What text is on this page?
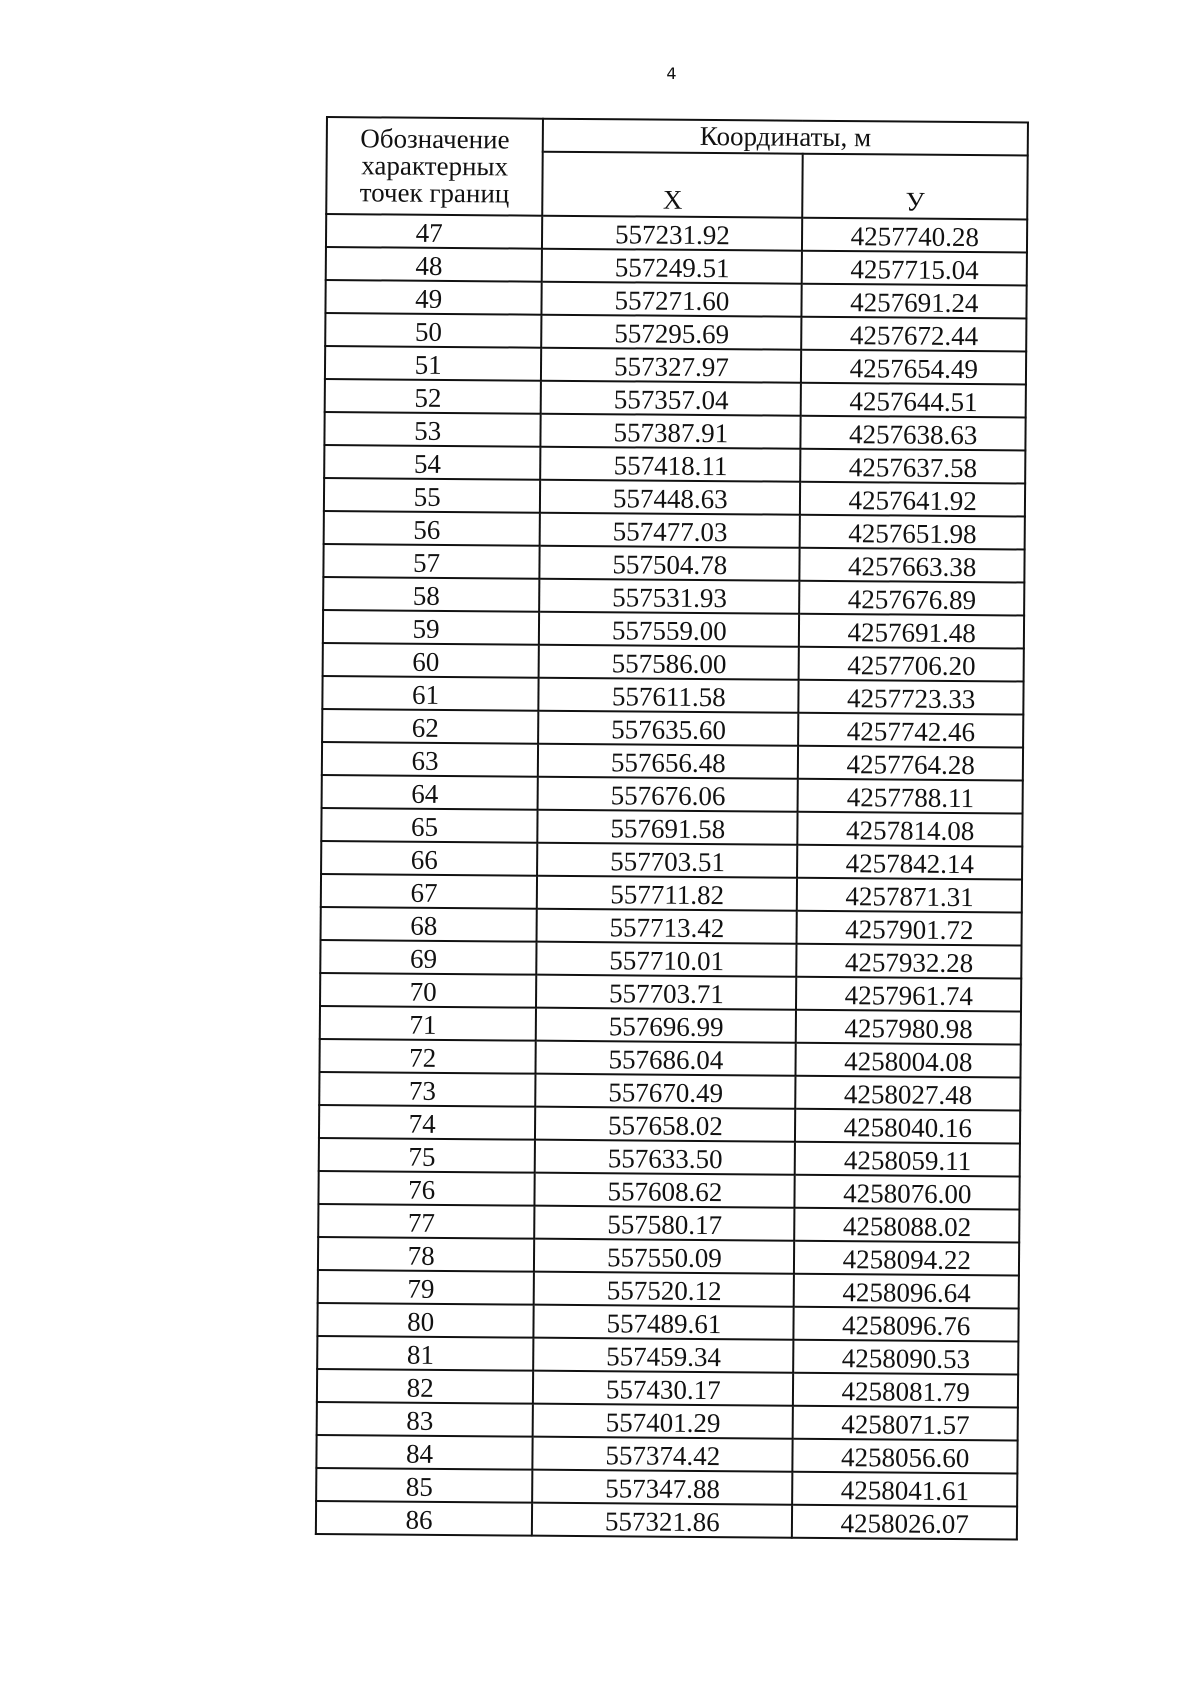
4
Обозначение характерных точек границ	Координаты, м	
	Х	У
47	557231.92	4257740.28
48	557249.51	4257715.04
49	557271.60	4257691.24
50	557295.69	4257672.44
51	557327.97	4257654.49
52	557357.04	4257644.51
53	557387.91	4257638.63
54	557418.11	4257637.58
55	557448.63	4257641.92
56	557477.03	4257651.98
57	557504.78	4257663.38
58	557531.93	4257676.89
59	557559.00	4257691.48
60	557586.00	4257706.20
61	557611.58	4257723.33
62	557635.60	4257742.46
63	557656.48	4257764.28
64	557676.06	4257788.11
65	557691.58	4257814.08
66	557703.51	4257842.14
67	557711.82	4257871.31
68	557713.42	4257901.72
69	557710.01	4257932.28
70	557703.71	4257961.74
71	557696.99	4257980.98
72	557686.04	4258004.08
73	557670.49	4258027.48
74	557658.02	4258040.16
75	557633.50	4258059.11
76	557608.62	4258076.00
77	557580.17	4258088.02
78	557550.09	4258094.22
79	557520.12	4258096.64
80	557489.61	4258096.76
81	557459.34	4258090.53
82	557430.17	4258081.79
83	557401.29	4258071.57
84	557374.42	4258056.60
85	557347.88	4258041.61
86	557321.86	4258026.07
